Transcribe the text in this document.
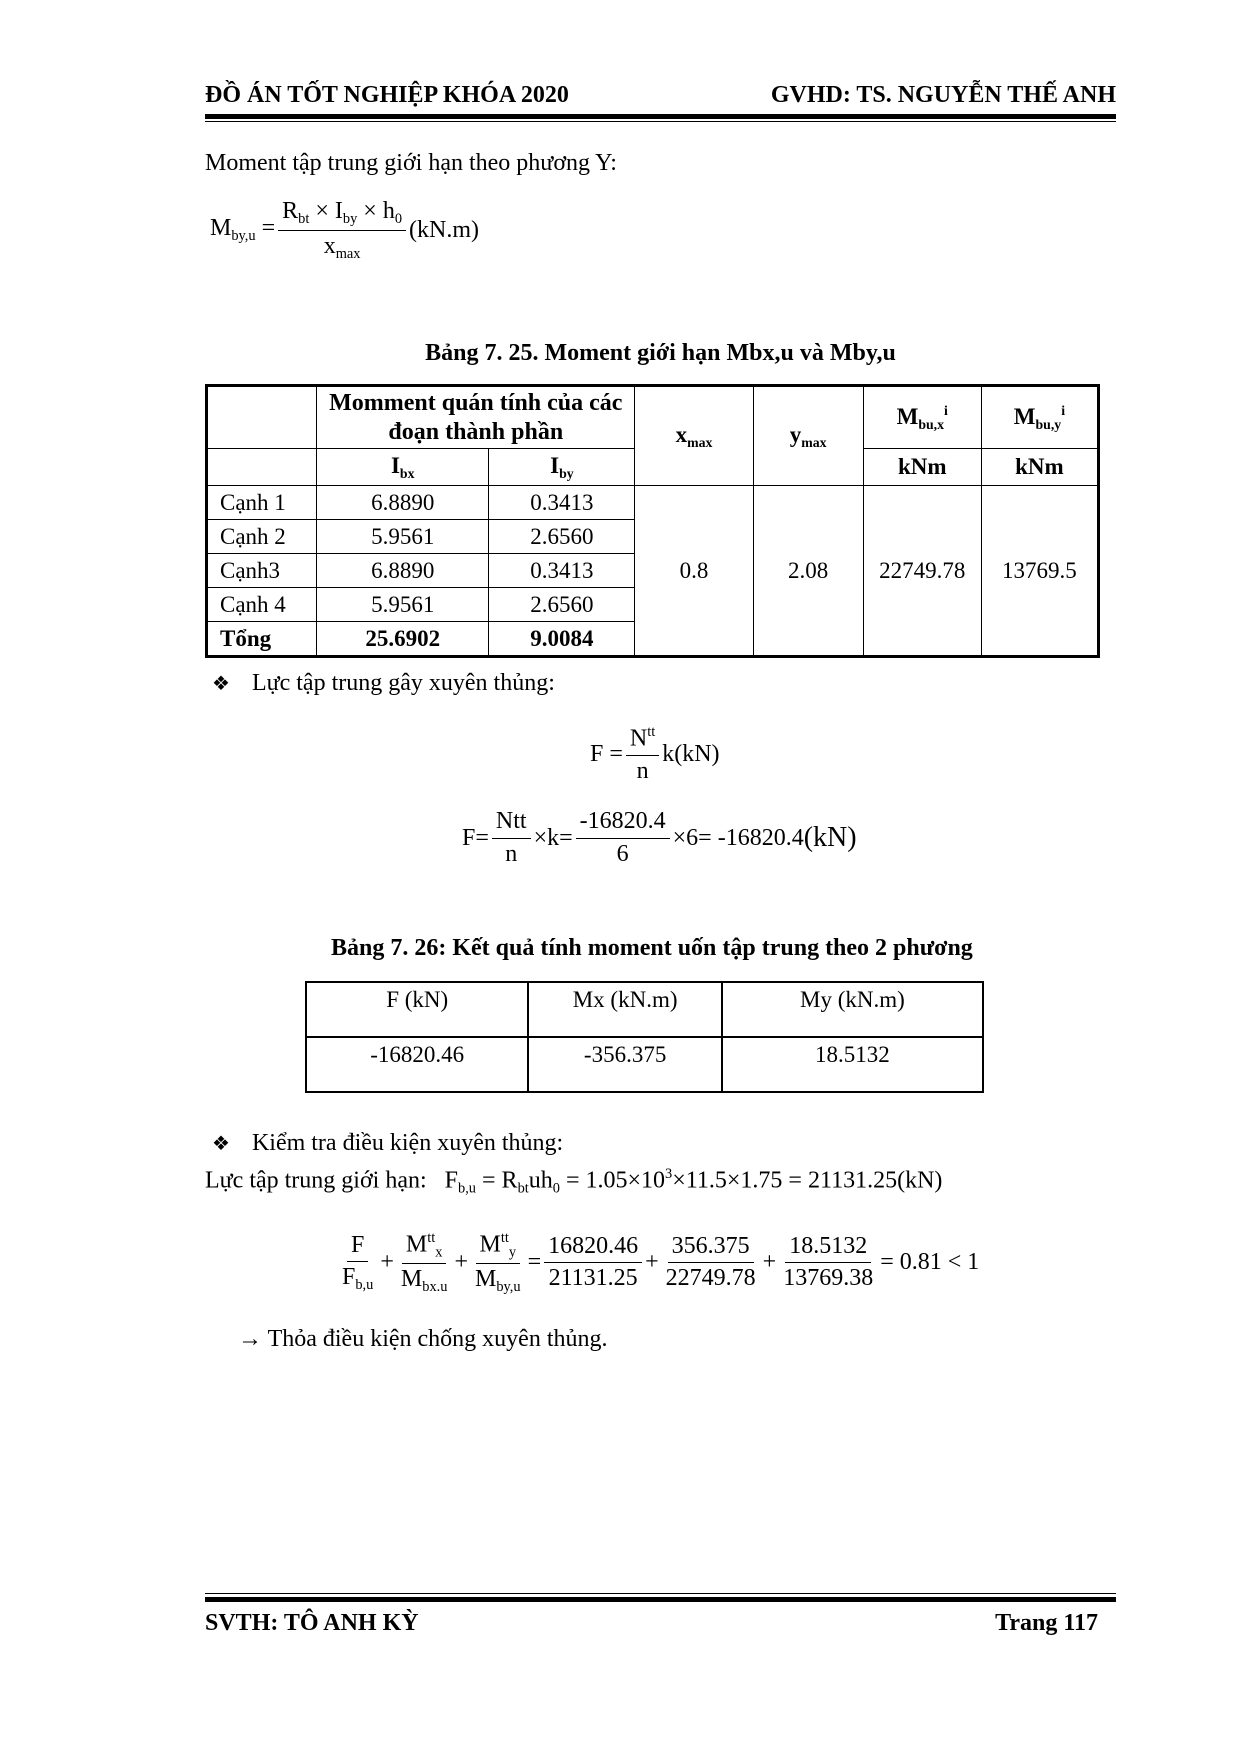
ĐỒ ÁN TỐT NGHIỆP KHÓA 2020	GVHD: TS. NGUYỄN THẾ ANH
Moment tập trung giới hạn theo phương Y:
$M_{by,u} = \frac{R_{bt} \times I_{by} \times h_0}{x_{max}} (kN.m)$
Bảng 7. 25. Moment giới hạn Mbx,u và Mby,u
	Momment quán tính của các đoạn thành phần		$x_{max}$	$y_{max}$	$M_{bu,x}^i$	$M_{bu,y}^i$
	$I_{bx}$	$I_{by}$			kNm	kNm
Cạnh 1	6.8890	0.3413	0.8	2.08	22749.78	13769.5
Cạnh 2	5.9561	2.6560				
Cạnh3	6.8890	0.3413				
Cạnh 4	5.9561	2.6560				
Tổng	25.6902	9.0084				
❖ Lực tập trung gây xuyên thủng:
$F = \frac{N^{tt}}{n} k(kN)$
$F= \frac{\text{Ntt}}{n} \times k= \frac{-16820.4}{6} \times 6= -16820.4$ (kN)
Bảng 7. 26: Kết quả tính moment uốn tập trung theo 2 phương
F (kN)	Mx (kN.m)	My (kN.m)
-16820.46	-356.375	18.5132
❖ Kiểm tra điều kiện xuyên thủng:
Lực tập trung giới hạn: $F_{b,u} = R_{bt}uh_0 = 1.05\times 10^3\times 11.5\times 1.75 = 21131.25(kN)$
$\frac{F}{F_{b,u}} + \frac{M^{tt}_x}{M_{bx.u}} + \frac{M^{tt}_y}{M_{by,u}} = \frac{16820.46}{21131.25} + \frac{356.375}{22749.78} + \frac{18.5132}{13769.38} = 0.81 < 1$
→ Thỏa điều kiện chống xuyên thủng.
SVTH: TÔ ANH KỲ	Trang 117
